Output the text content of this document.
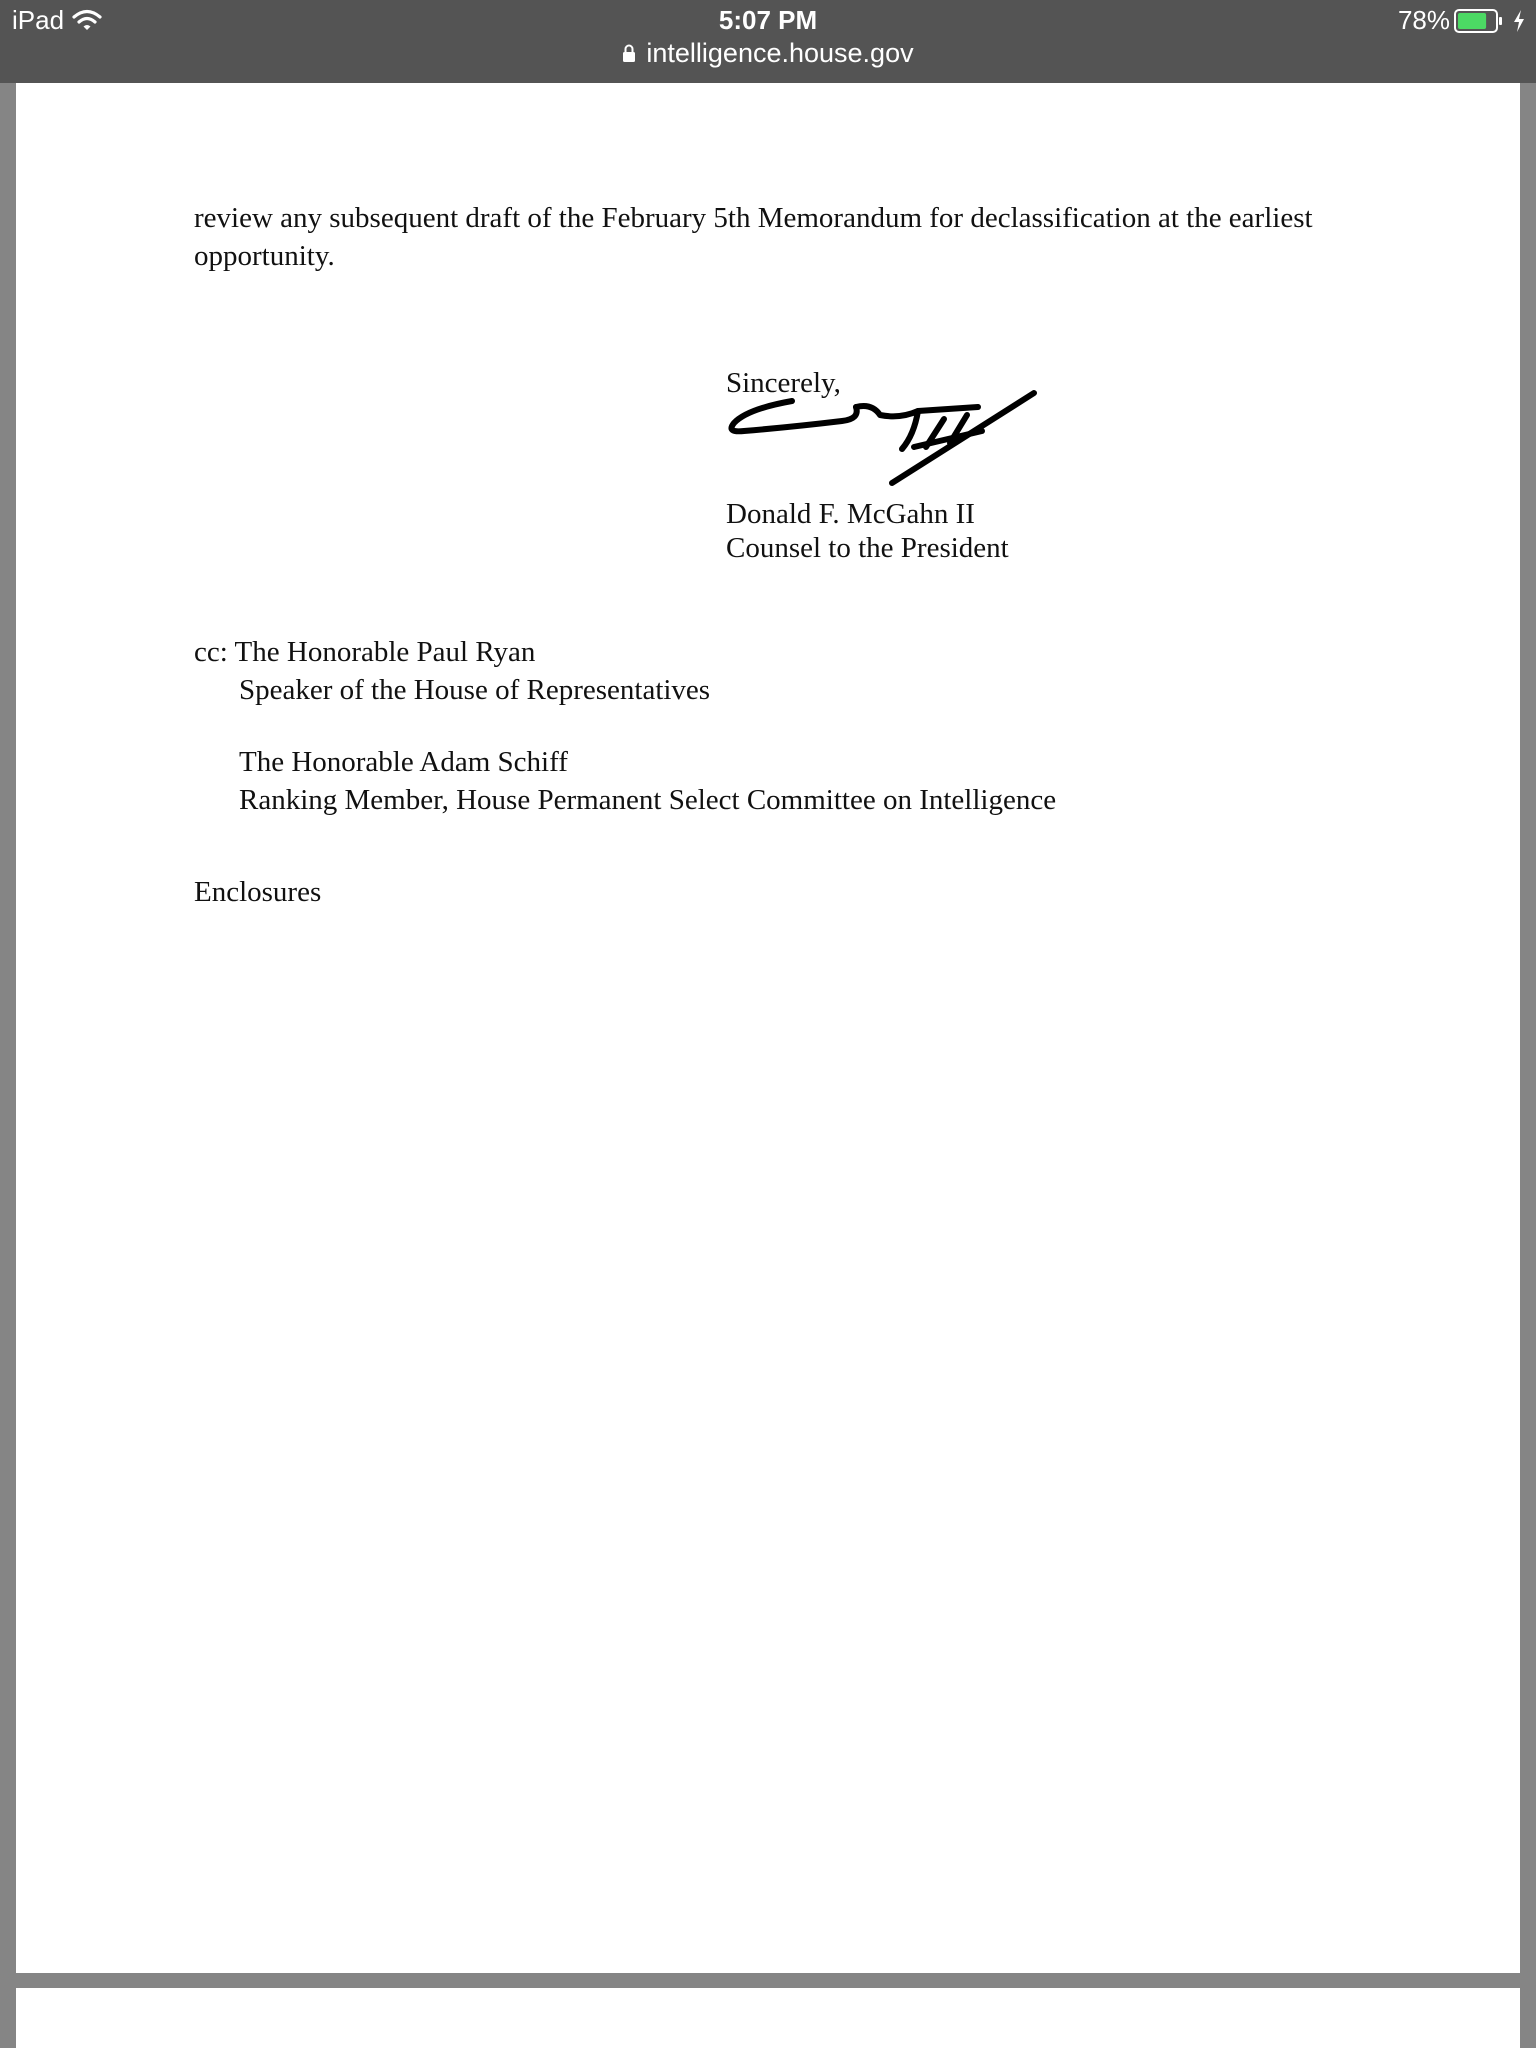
iPad	5:07 PM
intelligence.house.gov
78%
review any subsequent draft of the February 5th Memorandum for declassification at the earliest
opportunity.
Sincerely,
Donald F. McGahn II
Counsel to the President
cc: The Honorable Paul Ryan
Speaker of the House of Representatives
The Honorable Adam Schiff
Ranking Member, House Permanent Select Committee on Intelligence
Enclosures
